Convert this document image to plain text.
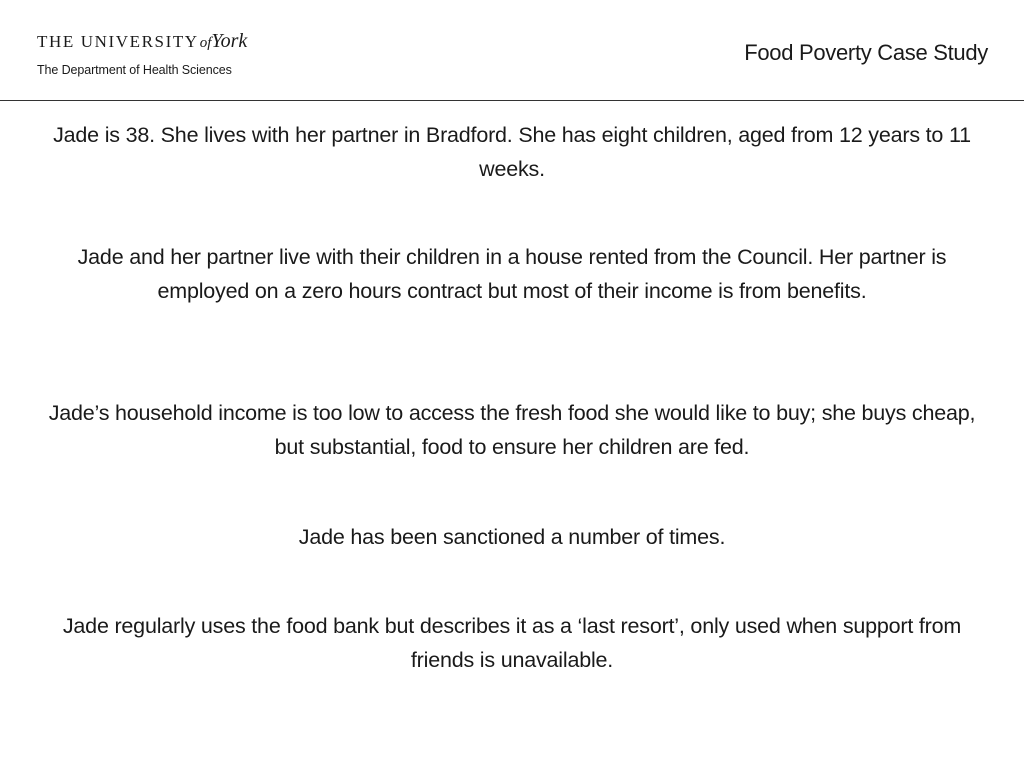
THE UNIVERSITYofYork
The Department of Health Sciences
Food Poverty Case Study

Jade is 38. She lives with her partner in Bradford. She has eight children, aged from 12 years to 11 weeks.

Jade and her partner live with their children in a house rented from the Council. Her partner is employed on a zero hours contract but most of their income is from benefits.

Jade’s household income is too low to access the fresh food she would like to buy; she buys cheap, but substantial, food to ensure her children are fed.

Jade has been sanctioned a number of times.

Jade regularly uses the food bank but describes it as a ‘last resort’, only used when support from friends is unavailable.
